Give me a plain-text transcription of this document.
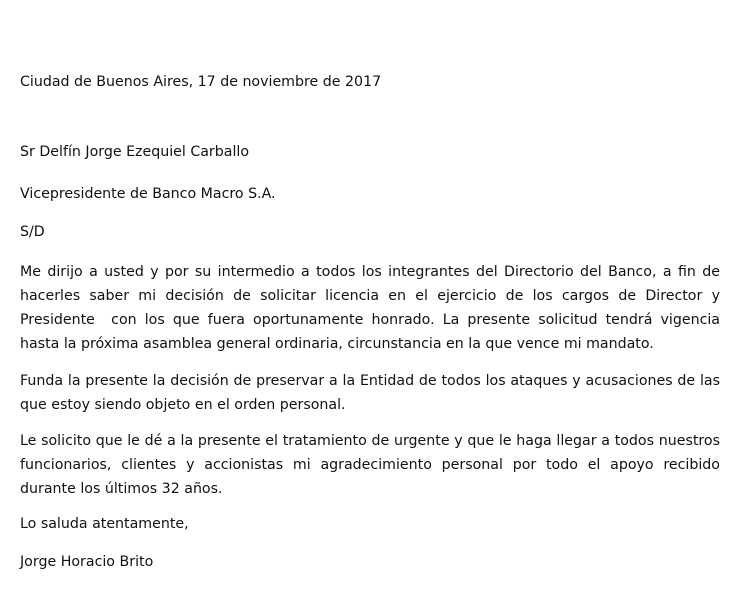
Ciudad de Buenos Aires, 17 de noviembre de 2017

Sr Delfín Jorge Ezequiel Carballo

Vicepresidente de Banco Macro S.A.

S/D

Me dirijo a usted y por su intermedio a todos los integrantes del Directorio del Banco, a fin de hacerles saber mi decisión de solicitar licencia en el ejercicio de los cargos de Director y Presidente  con los que fuera oportunamente honrado. La presente solicitud tendrá vigencia hasta la próxima asamblea general ordinaria, circunstancia en la que vence mi mandato.

Funda la presente la decisión de preservar a la Entidad de todos los ataques y acusaciones de las que estoy siendo objeto en el orden personal.

Le solicito que le dé a la presente el tratamiento de urgente y que le haga llegar a todos nuestros funcionarios, clientes y accionistas mi agradecimiento personal por todo el apoyo recibido durante los últimos 32 años.

Lo saluda atentamente,

Jorge Horacio Brito
